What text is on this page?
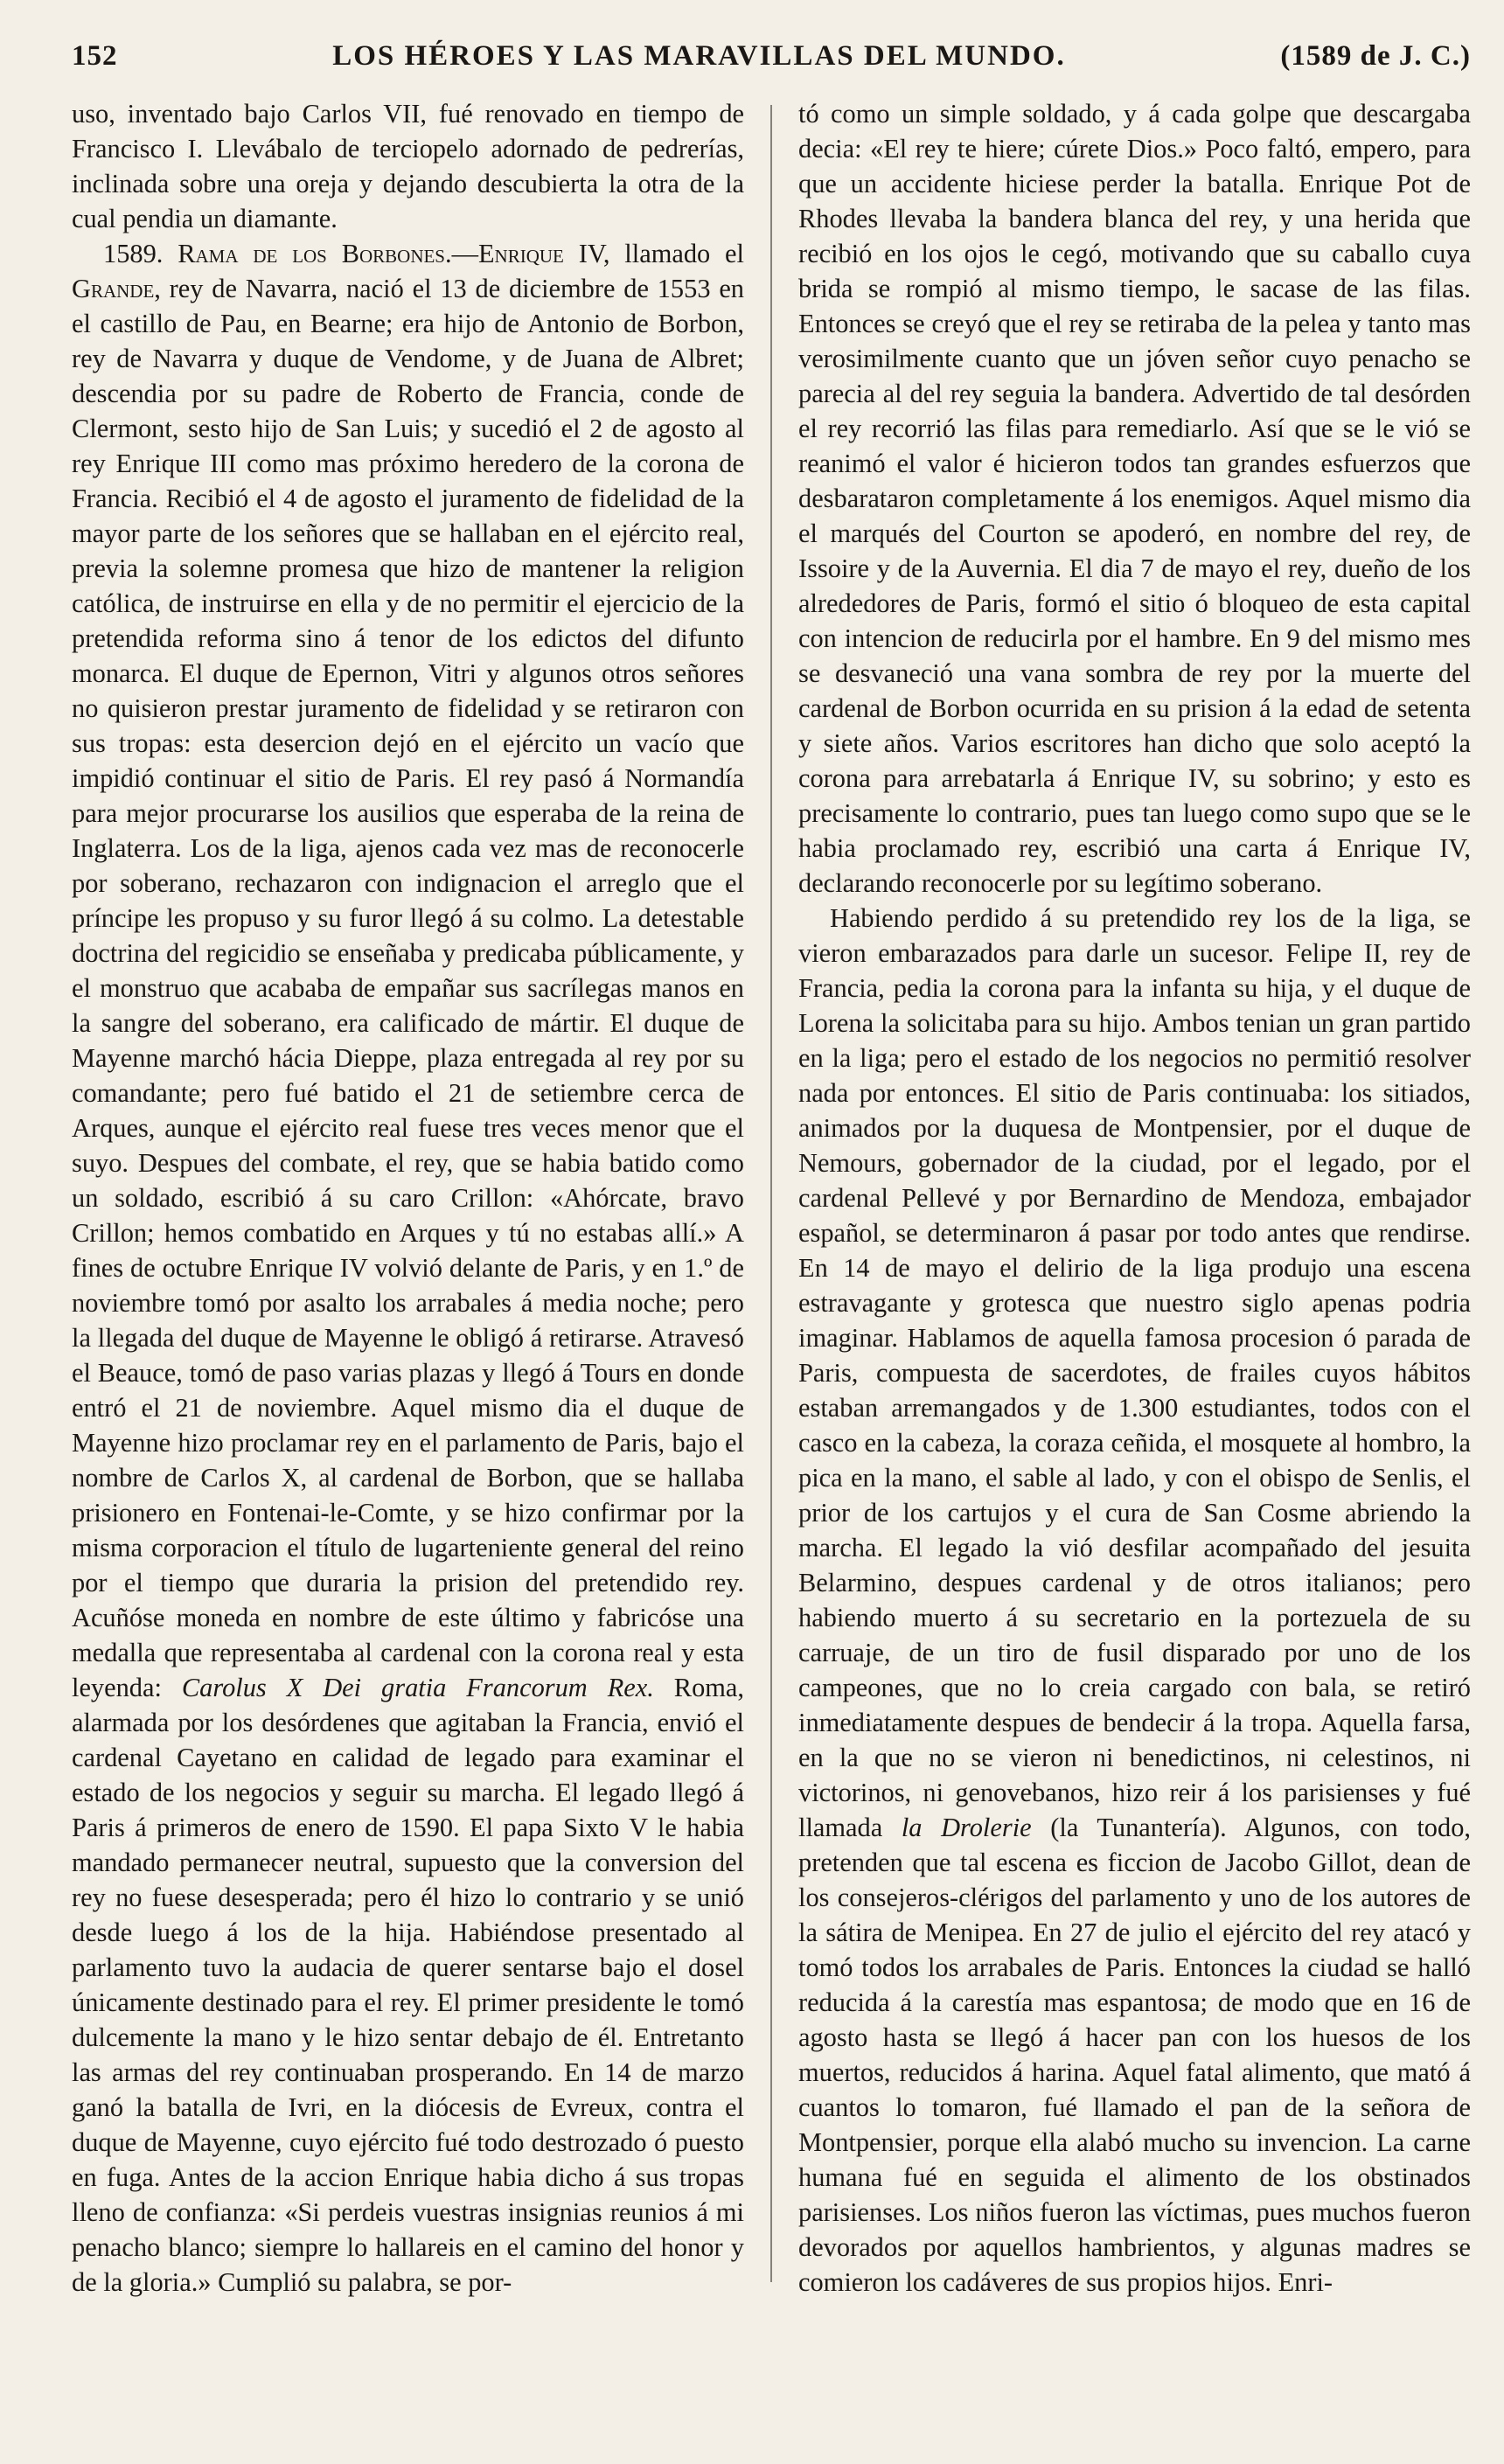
152	LOS HÉROES Y LAS MARAVILLAS DEL MUNDO.	(1589 de J. C.)

uso, inventado bajo Carlos VII, fué renovado en tiempo de Francisco I. Llevábalo de terciopelo adornado de pedrerías, inclinada sobre una oreja y dejando descubierta la otra de la cual pendia un diamante.

1589. Rama de los Borbones.—Enrique IV, llamado el Grande, rey de Navarra, nació el 13 de diciembre de 1553 en el castillo de Pau, en Bearne; era hijo de Antonio de Borbon, rey de Navarra y duque de Vendome, y de Juana de Albret; descendia por su padre de Roberto de Francia, conde de Clermont, sesto hijo de San Luis; y sucedió el 2 de agosto al rey Enrique III como mas próximo heredero de la corona de Francia. Recibió el 4 de agosto el juramento de fidelidad de la mayor parte de los señores que se hallaban en el ejército real, previa la solemne promesa que hizo de mantener la religion católica, de instruirse en ella y de no permitir el ejercicio de la pretendida reforma sino á tenor de los edictos del difunto monarca. El duque de Epernon, Vitri y algunos otros señores no quisieron prestar juramento de fidelidad y se retiraron con sus tropas: esta desercion dejó en el ejército un vacío que impidió continuar el sitio de Paris. El rey pasó á Normandía para mejor procurarse los ausilios que esperaba de la reina de Inglaterra. Los de la liga, ajenos cada vez mas de reconocerle por soberano, rechazaron con indignacion el arreglo que el príncipe les propuso y su furor llegó á su colmo. La detestable doctrina del regicidio se enseñaba y predicaba públicamente, y el monstruo que acababa de empañar sus sacrílegas manos en la sangre del soberano, era calificado de mártir. El duque de Mayenne marchó hácia Dieppe, plaza entregada al rey por su comandante; pero fué batido el 21 de setiembre cerca de Arques, aunque el ejército real fuese tres veces menor que el suyo. Despues del combate, el rey, que se habia batido como un soldado, escribió á su caro Crillon: «Ahórcate, bravo Crillon; hemos combatido en Arques y tú no estabas allí.» A fines de octubre Enrique IV volvió delante de Paris, y en 1.º de noviembre tomó por asalto los arrabales á media noche; pero la llegada del duque de Mayenne le obligó á retirarse. Atravesó el Beauce, tomó de paso varias plazas y llegó á Tours en donde entró el 21 de noviembre. Aquel mismo dia el duque de Mayenne hizo proclamar rey en el parlamento de Paris, bajo el nombre de Carlos X, al cardenal de Borbon, que se hallaba prisionero en Fontenai-le-Comte, y se hizo confirmar por la misma corporacion el título de lugarteniente general del reino por el tiempo que duraria la prision del pretendido rey. Acuñóse moneda en nombre de este último y fabricóse una medalla que representaba al cardenal con la corona real y esta leyenda: Carolus X Dei gratia Francorum Rex. Roma, alarmada por los desórdenes que agitaban la Francia, envió el cardenal Cayetano en calidad de legado para examinar el estado de los negocios y seguir su marcha. El legado llegó á Paris á primeros de enero de 1590. El papa Sixto V le habia mandado permanecer neutral, supuesto que la conversion del rey no fuese desesperada; pero él hizo lo contrario y se unió desde luego á los de la hija. Habiéndose presentado al parlamento tuvo la audacia de querer sentarse bajo el dosel únicamente destinado para el rey. El primer presidente le tomó dulcemente la mano y le hizo sentar debajo de él. Entretanto las armas del rey continuaban prosperando. En 14 de marzo ganó la batalla de Ivri, en la diócesis de Evreux, contra el duque de Mayenne, cuyo ejército fué todo destrozado ó puesto en fuga. Antes de la accion Enrique habia dicho á sus tropas lleno de confianza: «Si perdeis vuestras insignias reunios á mi penacho blanco; siempre lo hallareis en el camino del honor y de la gloria.» Cumplió su palabra, se por-

tó como un simple soldado, y á cada golpe que descargaba decia: «El rey te hiere; cúrete Dios.» Poco faltó, empero, para que un accidente hiciese perder la batalla. Enrique Pot de Rhodes llevaba la bandera blanca del rey, y una herida que recibió en los ojos le cegó, motivando que su caballo cuya brida se rompió al mismo tiempo, le sacase de las filas. Entonces se creyó que el rey se retiraba de la pelea y tanto mas verosimilmente cuanto que un jóven señor cuyo penacho se parecia al del rey seguia la bandera. Advertido de tal desórden el rey recorrió las filas para remediarlo. Así que se le vió se reanimó el valor é hicieron todos tan grandes esfuerzos que desbarataron completamente á los enemigos. Aquel mismo dia el marqués del Courton se apoderó, en nombre del rey, de Issoire y de la Auvernia. El dia 7 de mayo el rey, dueño de los alrededores de Paris, formó el sitio ó bloqueo de esta capital con intencion de reducirla por el hambre. En 9 del mismo mes se desvaneció una vana sombra de rey por la muerte del cardenal de Borbon ocurrida en su prision á la edad de setenta y siete años. Varios escritores han dicho que solo aceptó la corona para arrebatarla á Enrique IV, su sobrino; y esto es precisamente lo contrario, pues tan luego como supo que se le habia proclamado rey, escribió una carta á Enrique IV, declarando reconocerle por su legítimo soberano.

Habiendo perdido á su pretendido rey los de la liga, se vieron embarazados para darle un sucesor. Felipe II, rey de Francia, pedia la corona para la infanta su hija, y el duque de Lorena la solicitaba para su hijo. Ambos tenian un gran partido en la liga; pero el estado de los negocios no permitió resolver nada por entonces. El sitio de Paris continuaba: los sitiados, animados por la duquesa de Montpensier, por el duque de Nemours, gobernador de la ciudad, por el legado, por el cardenal Pellevé y por Bernardino de Mendoza, embajador español, se determinaron á pasar por todo antes que rendirse. En 14 de mayo el delirio de la liga produjo una escena estravagante y grotesca que nuestro siglo apenas podria imaginar. Hablamos de aquella famosa procesion ó parada de Paris, compuesta de sacerdotes, de frailes cuyos hábitos estaban arremangados y de 1.300 estudiantes, todos con el casco en la cabeza, la coraza ceñida, el mosquete al hombro, la pica en la mano, el sable al lado, y con el obispo de Senlis, el prior de los cartujos y el cura de San Cosme abriendo la marcha. El legado la vió desfilar acompañado del jesuita Belarmino, despues cardenal y de otros italianos; pero habiendo muerto á su secretario en la portezuela de su carruaje, de un tiro de fusil disparado por uno de los campeones, que no lo creia cargado con bala, se retiró inmediatamente despues de bendecir á la tropa. Aquella farsa, en la que no se vieron ni benedictinos, ni celestinos, ni victorinos, ni genovebanos, hizo reir á los parisienses y fué llamada la Drolerie (la Tunantería). Algunos, con todo, pretenden que tal escena es ficcion de Jacobo Gillot, dean de los consejeros-clérigos del parlamento y uno de los autores de la sátira de Menipea. En 27 de julio el ejército del rey atacó y tomó todos los arrabales de Paris. Entonces la ciudad se halló reducida á la carestía mas espantosa; de modo que en 16 de agosto hasta se llegó á hacer pan con los huesos de los muertos, reducidos á harina. Aquel fatal alimento, que mató á cuantos lo tomaron, fué llamado el pan de la señora de Montpensier, porque ella alabó mucho su invencion. La carne humana fué en seguida el alimento de los obstinados parisienses. Los niños fueron las víctimas, pues muchos fueron devorados por aquellos hambrientos, y algunas madres se comieron los cadáveres de sus propios hijos. Enri-
